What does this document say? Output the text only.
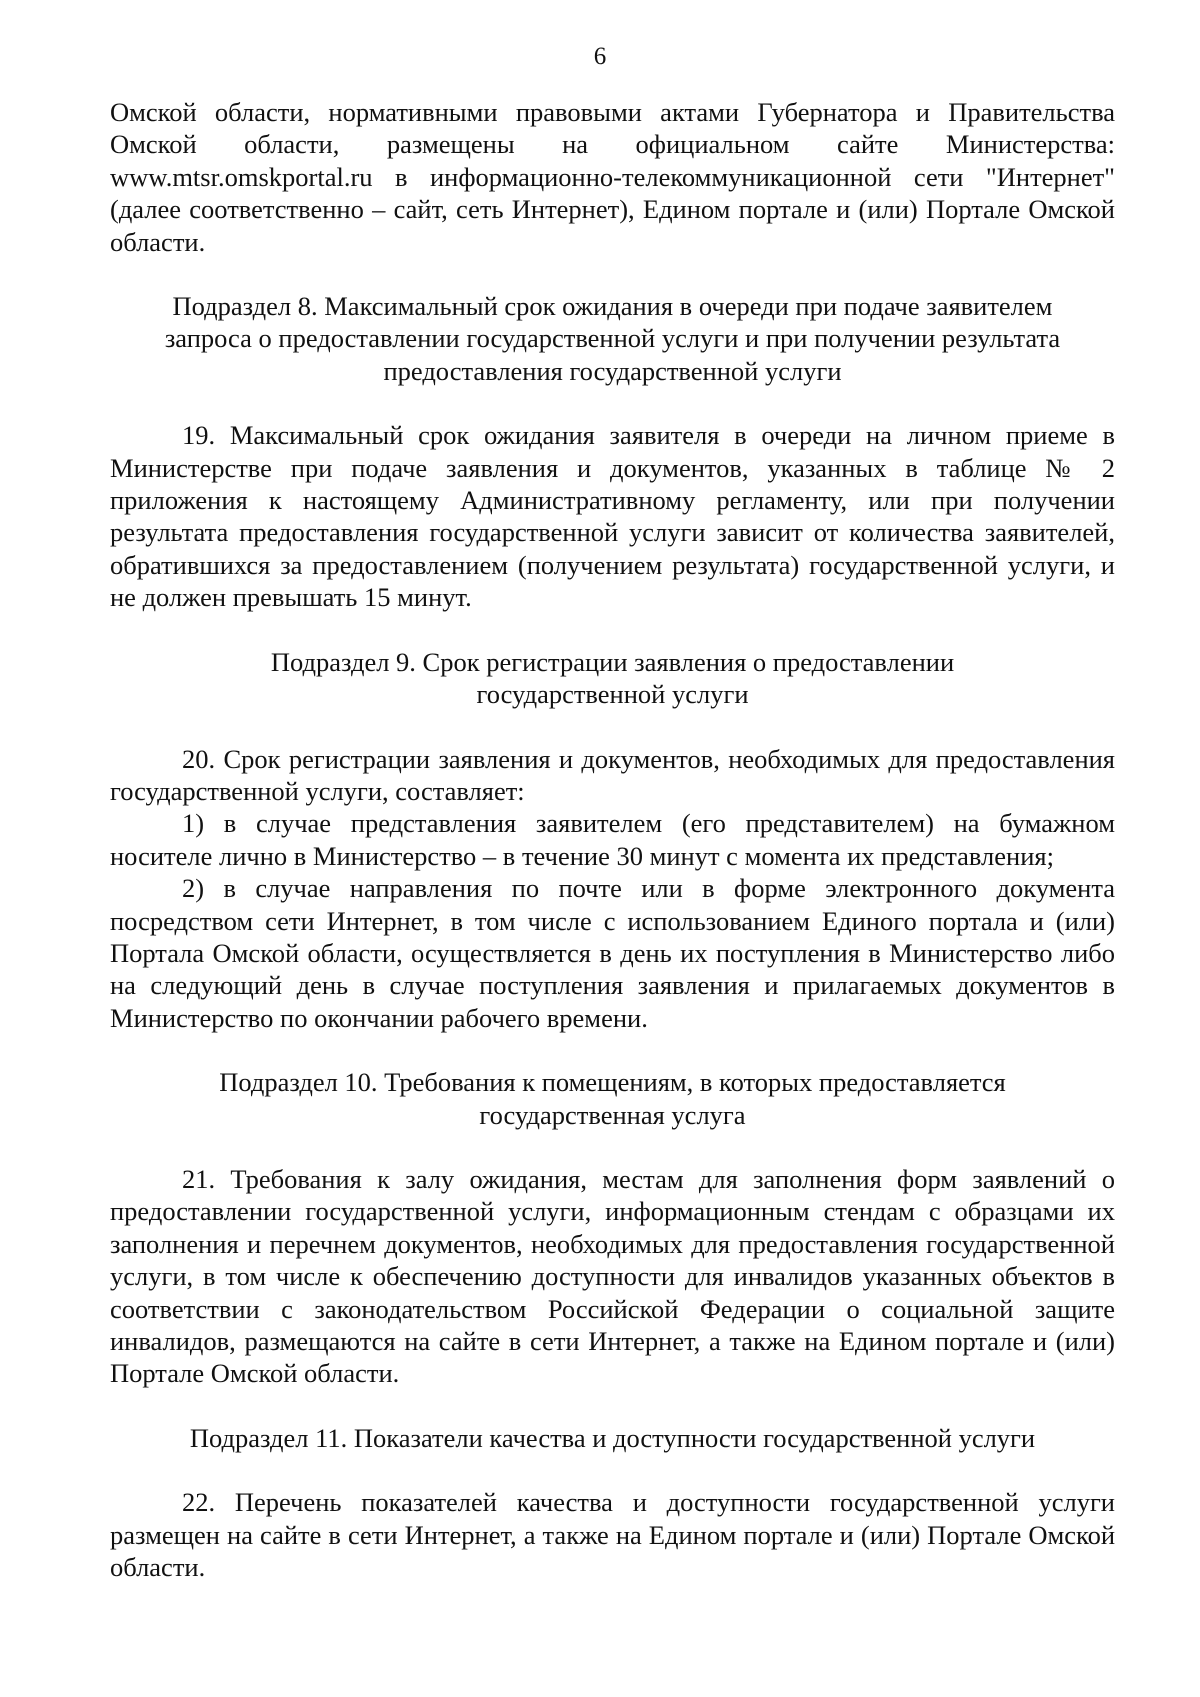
6

Омской области, нормативными правовыми актами Губернатора и Правительства Омской области, размещены на официальном сайте Министерства: www.mtsr.omskportal.ru в информационно-телекоммуникационной сети "Интернет" (далее соответственно – сайт, сеть Интернет), Едином портале и (или) Портале Омской области.

Подраздел 8. Максимальный срок ожидания в очереди при подаче заявителем запроса о предоставлении государственной услуги и при получении результата предоставления государственной услуги

19. Максимальный срок ожидания заявителя в очереди на личном приеме в Министерстве при подаче заявления и документов, указанных в таблице № 2 приложения к настоящему Административному регламенту, или при получении результата предоставления государственной услуги зависит от количества заявителей, обратившихся за предоставлением (получением результата) государственной услуги, и не должен превышать 15 минут.

Подраздел 9. Срок регистрации заявления о предоставлении государственной услуги

20. Срок регистрации заявления и документов, необходимых для предоставления государственной услуги, составляет:

1) в случае представления заявителем (его представителем) на бумажном носителе лично в Министерство – в течение 30 минут с момента их представления;

2) в случае направления по почте или в форме электронного документа посредством сети Интернет, в том числе с использованием Единого портала и (или) Портала Омской области, осуществляется в день их поступления в Министерство либо на следующий день в случае поступления заявления и прилагаемых документов в Министерство по окончании рабочего времени.

Подраздел 10. Требования к помещениям, в которых предоставляется государственная услуга

21. Требования к залу ожидания, местам для заполнения форм заявлений о предоставлении государственной услуги, информационным стендам с образцами их заполнения и перечнем документов, необходимых для предоставления государственной услуги, в том числе к обеспечению доступности для инвалидов указанных объектов в соответствии с законодательством Российской Федерации о социальной защите инвалидов, размещаются на сайте в сети Интернет, а также на Едином портале и (или) Портале Омской области.

Подраздел 11. Показатели качества и доступности государственной услуги

22. Перечень показателей качества и доступности государственной услуги размещен на сайте в сети Интернет, а также на Едином портале и (или) Портале Омской области.
